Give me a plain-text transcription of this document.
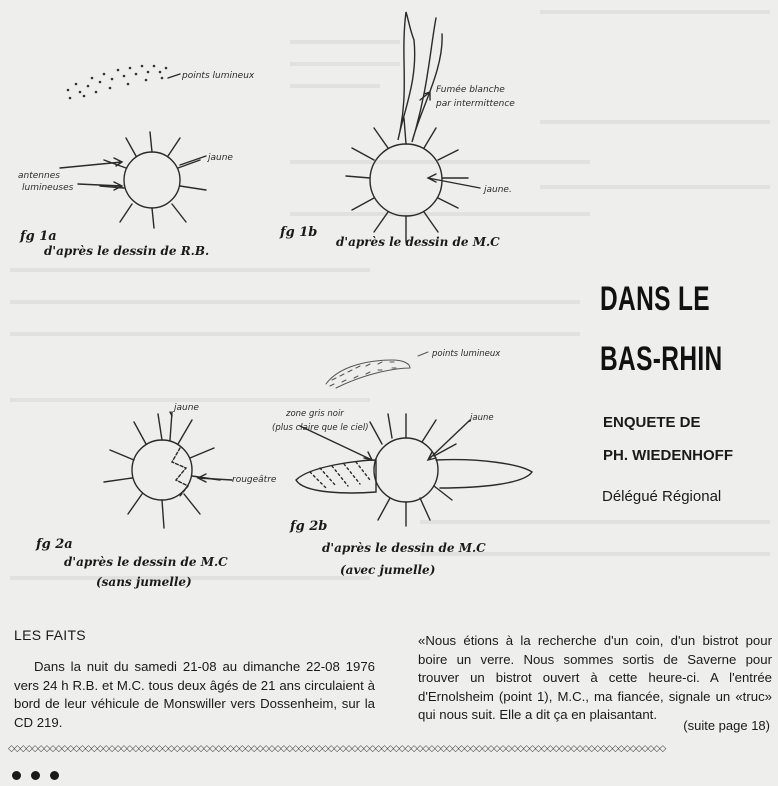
points lumineux
jaune
antennes
lumineuses
fg 1a
d'après le dessin de R.B.
Fumée blanche
par intermittence
jaune.
fg 1b
d'après le dessin de M.C
jaune
rougeâtre
fg 2a
d'après le dessin de M.C
(sans jumelle)
points lumineux
zone gris noir
(plus claire que le ciel)
jaune
fg 2b
d'après le dessin de M.C
(avec jumelle)
DANS LE
BAS-RHIN
ENQUETE DE
PH. WIEDENHOFF
Délégué Régional
LES FAITS

Dans la nuit du samedi 21-08 au dimanche 22-08 1976 vers 24 h R.B. et M.C. tous deux âgés de 21 ans circulaient à bord de leur véhicule de Monswiller vers Dossenheim, sur la CD 219.

«Nous étions à la recherche d'un coin, d'un bistrot pour boire un verre. Nous sommes sortis de Saverne pour trouver un bistrot ouvert à cette heure-ci. A l'entrée d'Ernolsheim (point 1), M.C., ma fiancée, signale un «truc» qui nous suit. Elle a dit ça en plaisantant.

(suite page 18)
◇◇◇◇◇◇◇◇◇◇◇◇◇◇◇◇◇◇◇◇◇◇◇◇◇◇◇◇◇◇◇◇◇◇◇◇◇◇◇◇◇◇◇◇◇◇◇◇◇◇◇◇◇◇◇◇◇◇◇◇◇◇◇◇◇◇◇◇◇◇◇◇◇◇◇◇◇◇◇◇◇◇◇◇◇◇◇◇◇◇◇◇◇◇◇◇◇◇◇◇◇◇◇◇◇◇◇◇◇◇◇
